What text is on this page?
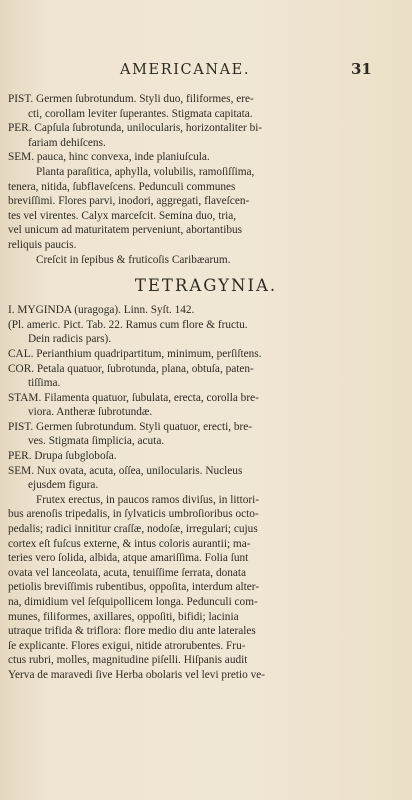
AMERICANAE.	31
PIST. Germen ſubrotundum. Styli duo, filiformes, ere-
cti, corollam leviter ſuperantes. Stigmata capitata.
PER. Capſula ſubrotunda, unilocularis, horizontaliter bi-
fariam dehiſcens.
SEM. pauca, hinc convexa, inde planiuſcula.
Planta paraſitica, aphylla, volubilis, ramoſiſſima,
tenera, nitida, ſubflaveſcens. Pedunculi communes
breviſſimi. Flores parvi, inodori, aggregati, flaveſcen-
tes vel virentes. Calyx marceſcit. Semina duo, tria,
vel unicum ad maturitatem perveniunt, abortantibus
reliquis paucis.
Creſcit in ſepibus & fruticoſis Caribæarum.
TETRAGYNIA.
I. MYGINDA (uragoga). Linn. Syſt. 142.
(Pl. americ. Pict. Tab. 22. Ramus cum flore & fructu.
Dein radicis pars).
CAL. Perianthium quadripartitum, minimum, perſiſtens.
COR. Petala quatuor, ſubrotunda, plana, obtuſa, paten-
tiſſima.
STAM. Filamenta quatuor, ſubulata, erecta, corolla bre-
viora. Antheræ ſubrotundæ.
PIST. Germen ſubrotundum. Styli quatuor, erecti, bre-
ves. Stigmata ſimplicia, acuta.
PER. Drupa ſubgloboſa.
SEM. Nux ovata, acuta, oſſea, unilocularis. Nucleus
ejusdem figura.
Frutex erectus, in paucos ramos diviſus, in littori-
bus arenoſis tripedalis, in ſylvaticis umbroſioribus octo-
pedalis; radici innititur craſſæ, nodoſæ, irregulari; cujus
cortex eſt fuſcus externe, & intus coloris aurantii; ma-
teries vero ſolida, albida, atque amariſſima. Folia ſunt
ovata vel lanceolata, acuta, tenuiſſime ſerrata, donata
petiolis breviſſimis rubentibus, oppoſita, interdum alter-
na, dimidium vel ſeſquipollicem longa. Pedunculi com-
munes, filiformes, axillares, oppoſiti, bifidi; lacinia
utraque trifida & triflora: flore medio diu ante laterales
ſe explicante. Flores exigui, nitide atrorubentes. Fru-
ctus rubri, molles, magnitudine piſelli. Hiſpanis audit
Yerva de maravedi ſive Herba obolaris vel levi pretio ve-
